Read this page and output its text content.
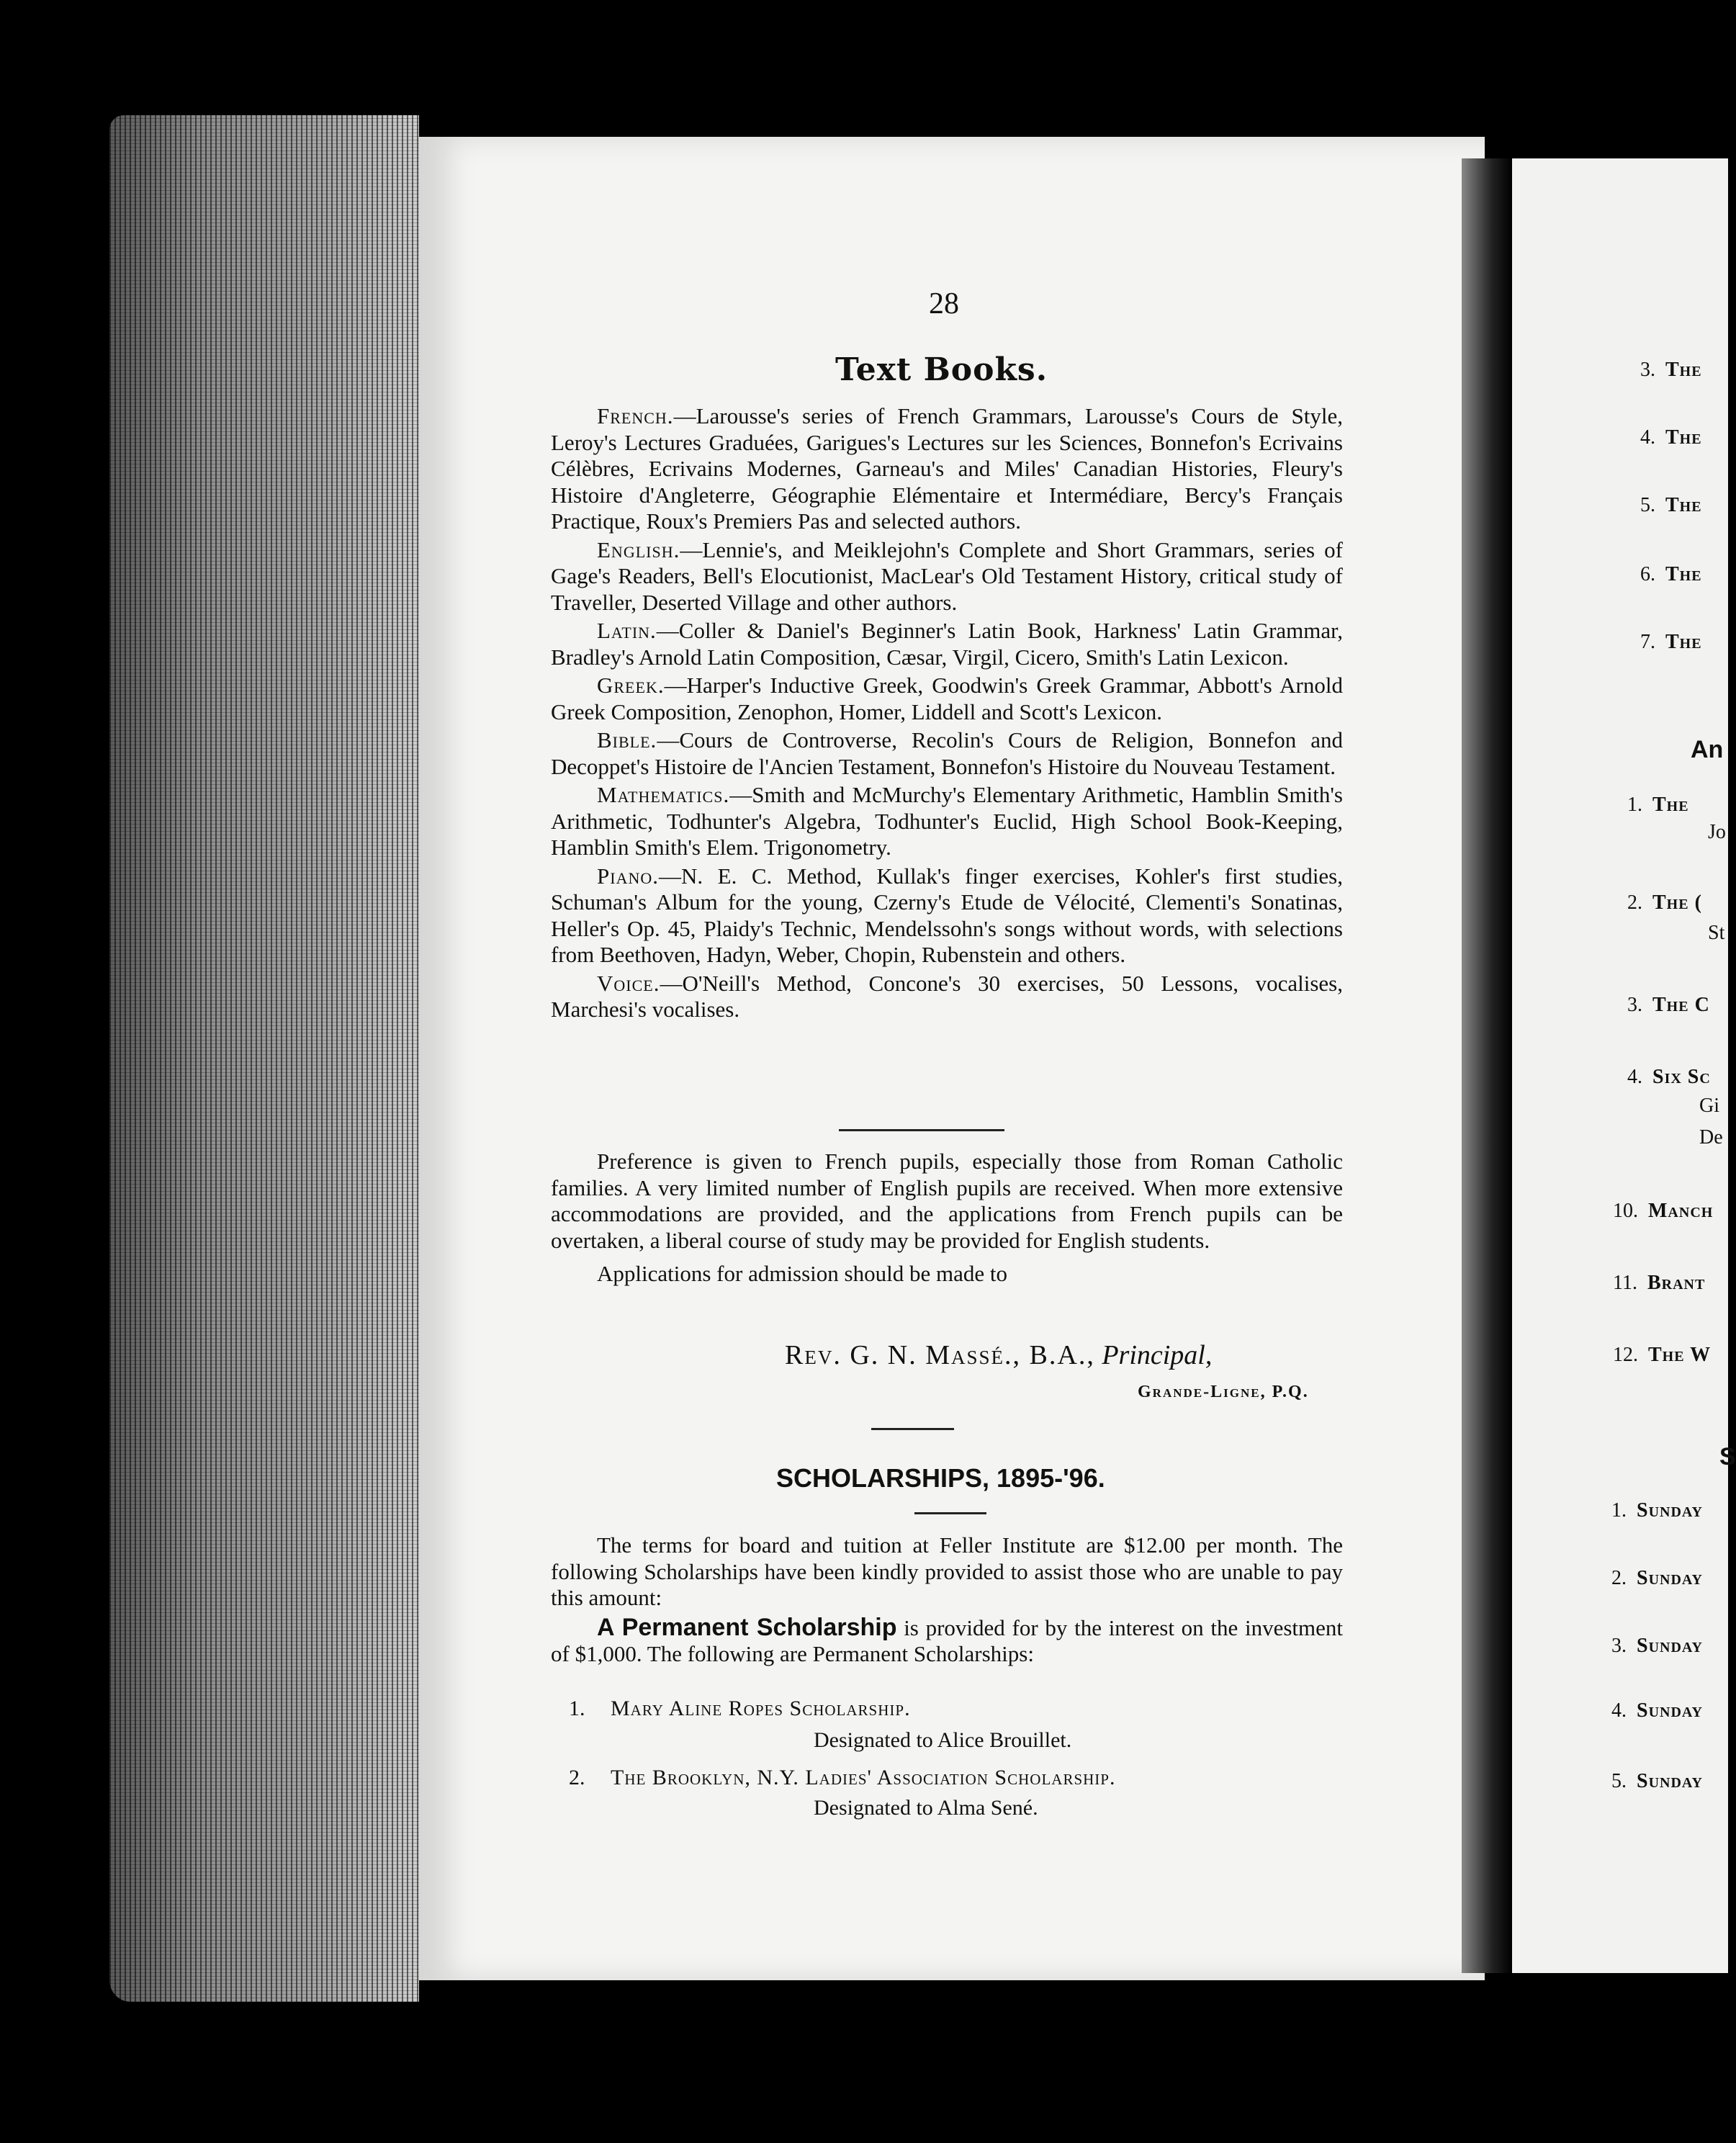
28
Text Books.

French.—Larousse's series of French Grammars, Larousse's Cours de Style, Leroy's Lectures Graduées, Garigues's Lectures sur les Sciences, Bonnefon's Ecrivains Célèbres, Ecrivains Modernes, Garneau's and Miles' Canadian Histories, Fleury's Histoire d'Angleterre, Géographie Elémentaire et Intermédiare, Bercy's Français Practique, Roux's Premiers Pas and selected authors.

English.—Lennie's, and Meiklejohn's Complete and Short Grammars, series of Gage's Readers, Bell's Elocutionist, MacLear's Old Testament History, critical study of Traveller, Deserted Village and other authors.

Latin.—Coller & Daniel's Beginner's Latin Book, Harkness' Latin Grammar, Bradley's Arnold Latin Composition, Cæsar, Virgil, Cicero, Smith's Latin Lexicon.

Greek.—Harper's Inductive Greek, Goodwin's Greek Grammar, Abbott's Arnold Greek Composition, Zenophon, Homer, Liddell and Scott's Lexicon.

Bible.—Cours de Controverse, Recolin's Cours de Religion, Bonnefon and Decoppet's Histoire de l'Ancien Testament, Bonnefon's Histoire du Nouveau Testament.

Mathematics.—Smith and McMurchy's Elementary Arithmetic, Hamblin Smith's Arithmetic, Todhunter's Algebra, Todhunter's Euclid, High School Book-Keeping, Hamblin Smith's Elem. Trigonometry.

Piano.—N. E. C. Method, Kullak's finger exercises, Kohler's first studies, Schuman's Album for the young, Czerny's Etude de Vélocité, Clementi's Sonatinas, Heller's Op. 45, Plaidy's Technic, Mendelssohn's songs without words, with selections from Beethoven, Hadyn, Weber, Chopin, Rubenstein and others.

Voice.—O'Neill's Method, Concone's 30 exercises, 50 Lessons, vocalises, Marchesi's vocalises.

Preference is given to French pupils, especially those from Roman Catholic families. A very limited number of English pupils are received. When more extensive accommodations are provided, and the applications from French pupils can be overtaken, a liberal course of study may be provided for English students.

Applications for admission should be made to

Rev. G. N. Massé., B.A., Principal,
Grande-Ligne, P.Q.
SCHOLARSHIPS, 1895-'96.

The terms for board and tuition at Feller Institute are $12.00 per month. The following Scholarships have been kindly provided to assist those who are unable to pay this amount:

A Permanent Scholarship is provided for by the interest on the investment of $1,000. The following are Permanent Scholarships:

1. Mary Aline Ropes Scholarship.
Designated to Alice Brouillet.
2. The Brooklyn, N.Y. Ladies' Association Scholarship.
Designated to Alma Sené.
3. The
4. The
5. The
6. The
7. The
An
1. The
Jo
2. The (
St
3. The C
4. Six Sc
Gi
De
10. Manch
11. Brant
12. The W
S
1. Sunday
2. Sunday
3. Sunday
4. Sunday
5. Sunday
